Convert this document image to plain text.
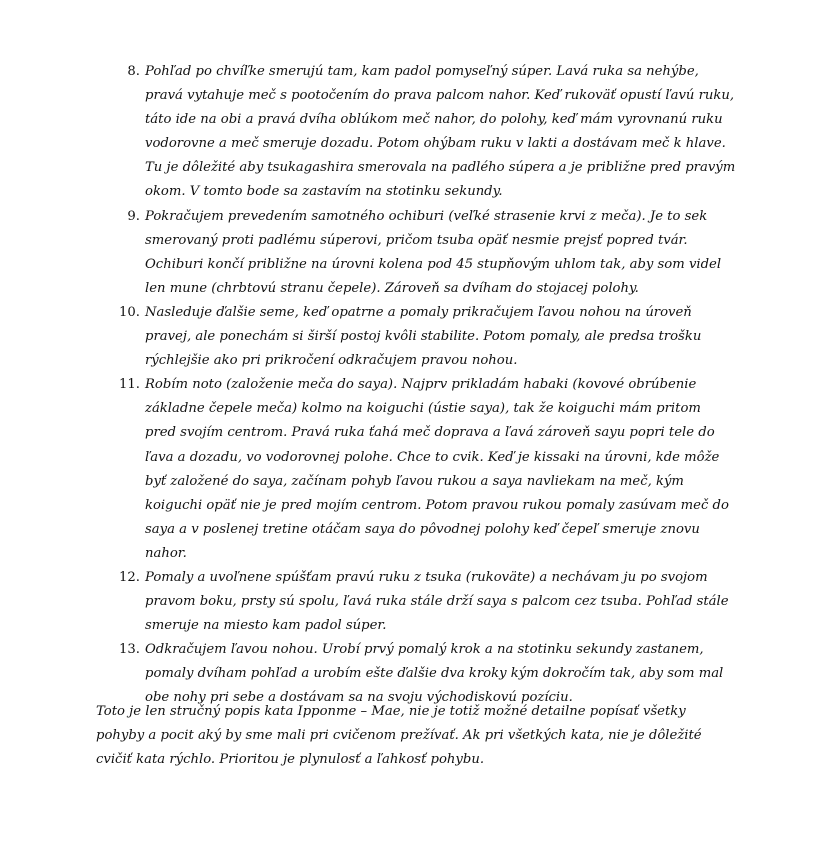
8. Pohľad po chvíľke smerujú tam, kam padol pomyseľný súper. Lavá ruka sa nehýbe, pravá vytahuje meč s pootočením do prava palcom nahor. Keď rukoväť opustí ľavú ruku, táto ide na obi a pravá dvíha oblúkom meč nahor, do polohy, keď mám vyrovnanú ruku vodorovne a meč smeruje dozadu. Potom ohýbam ruku v lakti a dostávam meč k hlave. Tu je dôležité aby tsukagashira smerovala na padlého súpera a je približne pred pravým okom. V tomto bode sa zastavím na stotinku sekundy.
9. Pokračujem prevedením samotného ochiburi (veľké strasenie krvi z meča). Je to sek smerovaný proti padlému súperovi, pričom tsuba opäť nesmie prejsť popred tvár. Ochiburi končí približne na úrovni kolena pod 45 stupňovým uhlom tak, aby som videl len mune (chrbtovú stranu čepele). Zároveň sa dvíham do stojacej polohy.
10. Nasleduje ďalšie seme, keď opatrne a pomaly prikračujem ľavou nohou na úroveň pravej, ale ponechám si širší postoj kvôli stabilite. Potom pomaly, ale predsa trošku rýchlejšie ako pri prikročení odkračujem pravou nohou.
11. Robím noto (založenie meča do saya). Najprv prikladám habaki (kovové obrúbenie základne čepele meča) kolmo na koiguchi (ústie saya), tak že koiguchi mám pritom pred svojím centrom. Pravá ruka ťahá meč doprava a ľavá zároveň sayu popri tele do ľava a dozadu, vo vodorovnej polohe. Chce to cvik. Keď je kissaki na úrovni, kde môže byť založené do saya, začínam pohyb ľavou rukou a saya navliekam na meč, kým koiguchi opäť nie je pred mojím centrom. Potom pravou rukou pomaly zasúvam meč do saya a v poslenej tretine otáčam saya do pôvodnej polohy keď čepeľ smeruje znovu nahor.
12. Pomaly a uvoľnene spúšťam pravú ruku z tsuka (rukoväte) a nechávam ju po svojom pravom boku, prsty sú spolu, ľavá ruka stále drží saya s palcom cez tsuba. Pohľad stále smeruje na miesto kam padol súper.
13. Odkračujem ľavou nohou. Urobí prvý pomalý krok a na stotinku sekundy zastanem, pomaly dvíham pohľad a urobím ešte ďalšie dva kroky kým dokročím tak, aby som mal obe nohy pri sebe a dostávam sa na svoju východiskovú pozíciu.

Toto je len stručný popis kata Ipponme – Mae, nie je totiž možné detailne popísať všetky pohyby a pocit aký by sme mali pri cvičenom prežívať. Ak pri všetkých kata, nie je dôležité cvičiť kata rýchlo. Prioritou je plynulosť a ľahkosť pohybu.
